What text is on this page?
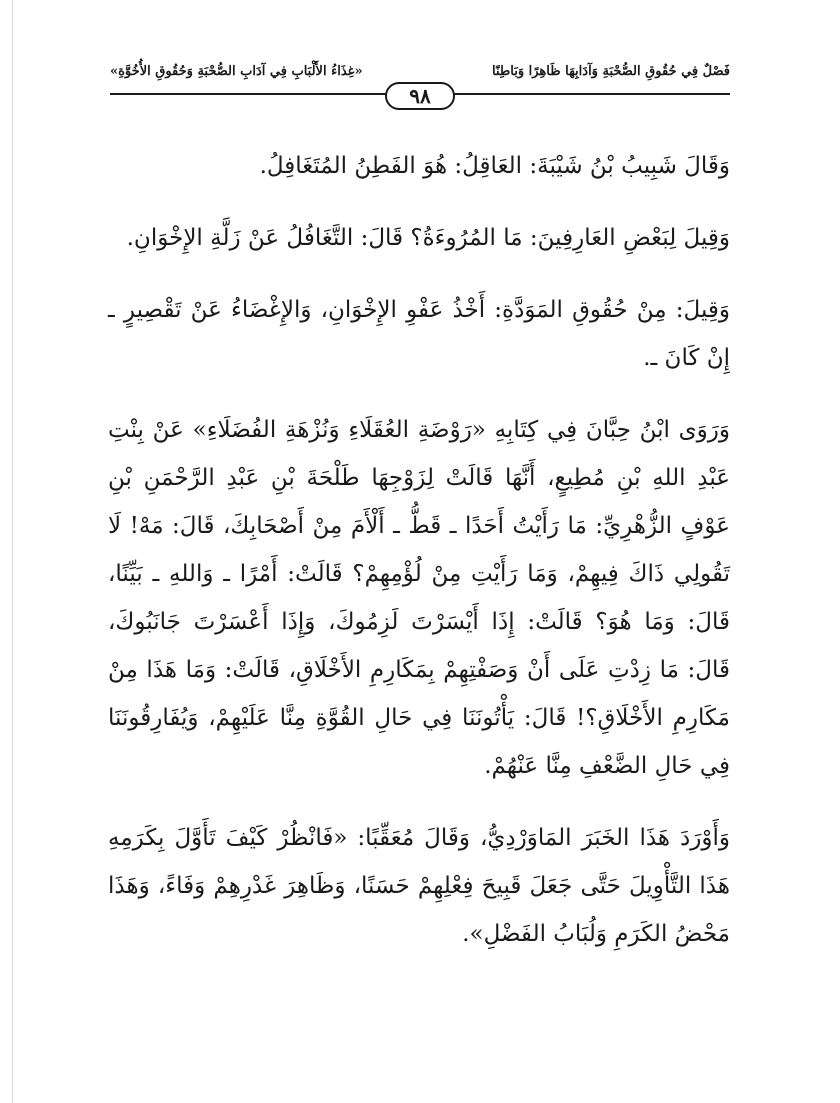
فَصْلٌ فِي حُقُوقِ الصُّحْبَةِ وَآدَابِهَا ظَاهِرًا وَبَاطِنًا
«غِذَاءُ الأَلْبَابِ فِي آدَابِ الصُّحْبَةِ وَحُقُوقِ الأُخُوَّةِ»
٩٨

وَقَالَ شَبِيبُ بْنُ شَيْبَةَ: العَاقِلُ: هُوَ الفَطِنُ المُتَغَافِلُ.

وَقِيلَ لِبَعْضِ العَارِفِينَ: مَا المُرُوءَةُ؟ قَالَ: التَّغَافُلُ عَنْ زَلَّةِ الإِخْوَانِ.

وَقِيلَ: مِنْ حُقُوقِ المَوَدَّةِ: أَخْذُ عَفْوِ الإِخْوَانِ، وَالإِغْضَاءُ عَنْ تَقْصِيرٍ ـ إِنْ كَانَ ـ.

وَرَوَى ابْنُ حِبَّانَ فِي كِتَابِهِ «رَوْضَةِ العُقَلَاءِ وَنُزْهَةِ الفُضَلَاءِ» عَنْ بِنْتِ عَبْدِ اللهِ بْنِ مُطِيعٍ، أَنَّهَا قَالَتْ لِزَوْجِهَا طَلْحَةَ بْنِ عَبْدِ الرَّحْمَنِ بْنِ عَوْفٍ الزُّهْرِيِّ: مَا رَأَيْتُ أَحَدًا ـ قَطُّ ـ أَلْأَمَ مِنْ أَصْحَابِكَ، قَالَ: مَهْ! لَا تَقُولِي ذَاكَ فِيهِمْ، وَمَا رَأَيْتِ مِنْ لُؤْمِهِمْ؟ قَالَتْ: أَمْرًا ـ وَاللهِ ـ بَيِّنًا، قَالَ: وَمَا هُوَ؟ قَالَتْ: إِذَا أَيْسَرْتَ لَزِمُوكَ، وَإِذَا أَعْسَرْتَ جَانَبُوكَ، قَالَ: مَا زِدْتِ عَلَى أَنْ وَصَفْتِهِمْ بِمَكَارِمِ الأَخْلَاقِ، قَالَتْ: وَمَا هَذَا مِنْ مَكَارِمِ الأَخْلَاقِ؟! قَالَ: يَأْتُونَنَا فِي حَالِ القُوَّةِ مِنَّا عَلَيْهِمْ، وَيُفَارِقُونَنَا فِي حَالِ الضَّعْفِ مِنَّا عَنْهُمْ.

وَأَوْرَدَ هَذَا الخَبَرَ المَاوَرْدِيُّ، وَقَالَ مُعَقِّبًا: «فَانْظُرْ كَيْفَ تَأَوَّلَ بِكَرَمِهِ هَذَا التَّأْوِيلَ حَتَّى جَعَلَ قَبِيحَ فِعْلِهِمْ حَسَنًا، وَظَاهِرَ غَدْرِهِمْ وَفَاءً، وَهَذَا مَحْضُ الكَرَمِ وَلُبَابُ الفَضْلِ».
